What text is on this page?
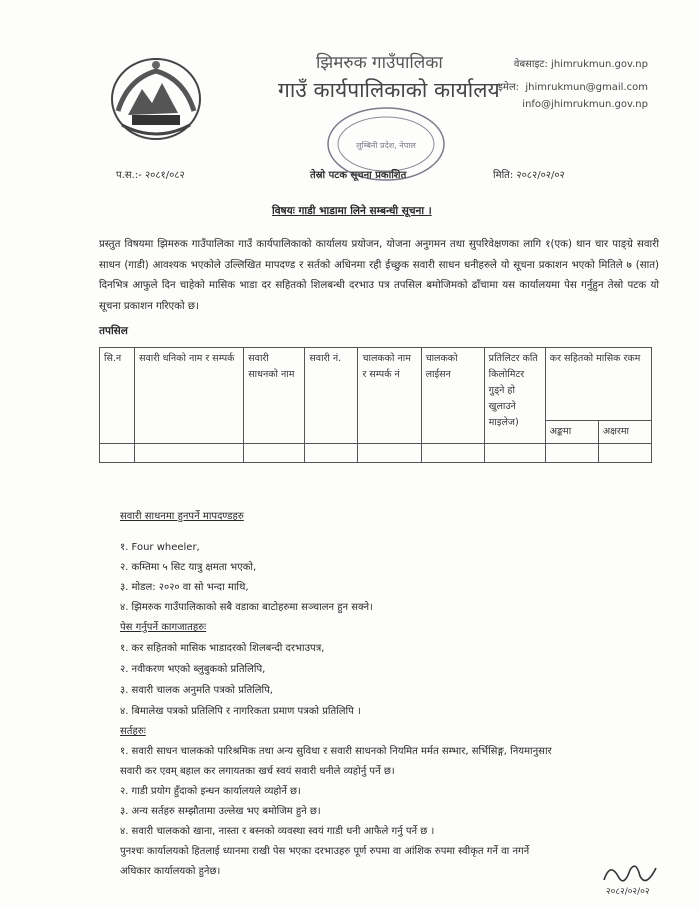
झिमरुक गाउँपालिका
गाउँ कार्यपालिकाको कार्यालय
वेबसाइट: jhimrukmun.gov.np
इमेल: jhimrukmun@gmail.com
info@jhimrukmun.gov.np
लुम्बिनी प्रदेश, नेपाल
प.स.:- २०८१/०८२	तेस्रो पटक सूचना प्रकाशित	मिति: २०८२/०२/०२
विषयः गाडी भाडामा लिने सम्बन्धी सूचना ।
प्रस्तुत विषयमा झिमरुक गाउँपालिका गाउँ कार्यपालिकाको कार्यालय प्रयोजन, योजना अनुगमन तथा सुपरिवेक्षणका लागि १(एक) थान चार पाङ्ग्रे सवारी साधन (गाडी) आवश्यक भएकोले उल्लिखित मापदण्ड र सर्तको अधिनमा रही ईच्छुक सवारी साधन धनीहरुले यो सूचना प्रकाशन भएको मितिले ७ (सात) दिनभित्र आफुले दिन चाहेको मासिक भाडा दर सहितको शिलबन्धी दरभाउ पत्र तपसिल बमोजिमको ढाँचामा यस कार्यालयमा पेस गर्नुहुन तेस्रो पटक यो सूचना प्रकाशन गरिएको छ।
तपसिल
सि.न	सवारी धनिको नाम र सम्पर्क	सवारी साधनको नाम	सवारी नं.	चालकको नाम र सम्पर्क नं	चालकको लाईसन	प्रतिलिटर कति किलोमिटर गुड्ने हो खुलाउने माइलेज)	कर सहितको मासिक रकम	
							अङ्कमा	अक्षरमा

सवारी साधनमा हुनपर्ने मापदण्डहरु
१. Four wheeler,
२. कम्तिमा ५ सिट यात्रु क्षमता भएको,
३. मोडल: २०२० वा सो भन्दा माथि,
४. झिमरुक गाउँपालिकाको सबै वडाका बाटोहरुमा सञ्चालन हुन सक्ने।
पेस गर्नुपर्ने कागजातहरुः
१. कर सहितको मासिक भाडादरको शिलबन्दी दरभाउपत्र,
२. नवीकरण भएको ब्लुबुकको प्रतिलिपि,
३. सवारी चालक अनुमति पत्रको प्रतिलिपि,
४. बिमालेख पत्रको प्रतिलिपि र नागरिकता प्रमाण पत्रको प्रतिलिपि ।
सर्तहरुः
१. सवारी साधन चालकको पारिश्रमिक तथा अन्य सुविधा र सवारी साधनको नियमित मर्मत सम्भार, सर्भिसिङ्ग, नियमानुसार
सवारी कर एवम् बहाल कर लगायतका खर्च स्वयं सवारी धनीले व्यहोर्नु पर्ने छ।
२. गाडी प्रयोग हुँदाको इन्धन कार्यालयले व्यहोर्ने छ।
३. अन्य सर्तहरु सम्झौतामा उल्लेख भए बमोजिम हुने छ।
४. सवारी चालकको खाना, नास्ता र बस्नको व्यवस्था स्वयं गाडी धनी आफैले गर्नु पर्ने छ ।
पुनश्चः कार्यालयको हितलाई ध्यानमा राखी पेस भएका दरभाउहरु पूर्ण रुपमा वा आंशिक रुपमा स्वीकृत गर्ने वा नगर्ने
अधिकार कार्यालयको हुनेछ।
२०८२/०२/०२
